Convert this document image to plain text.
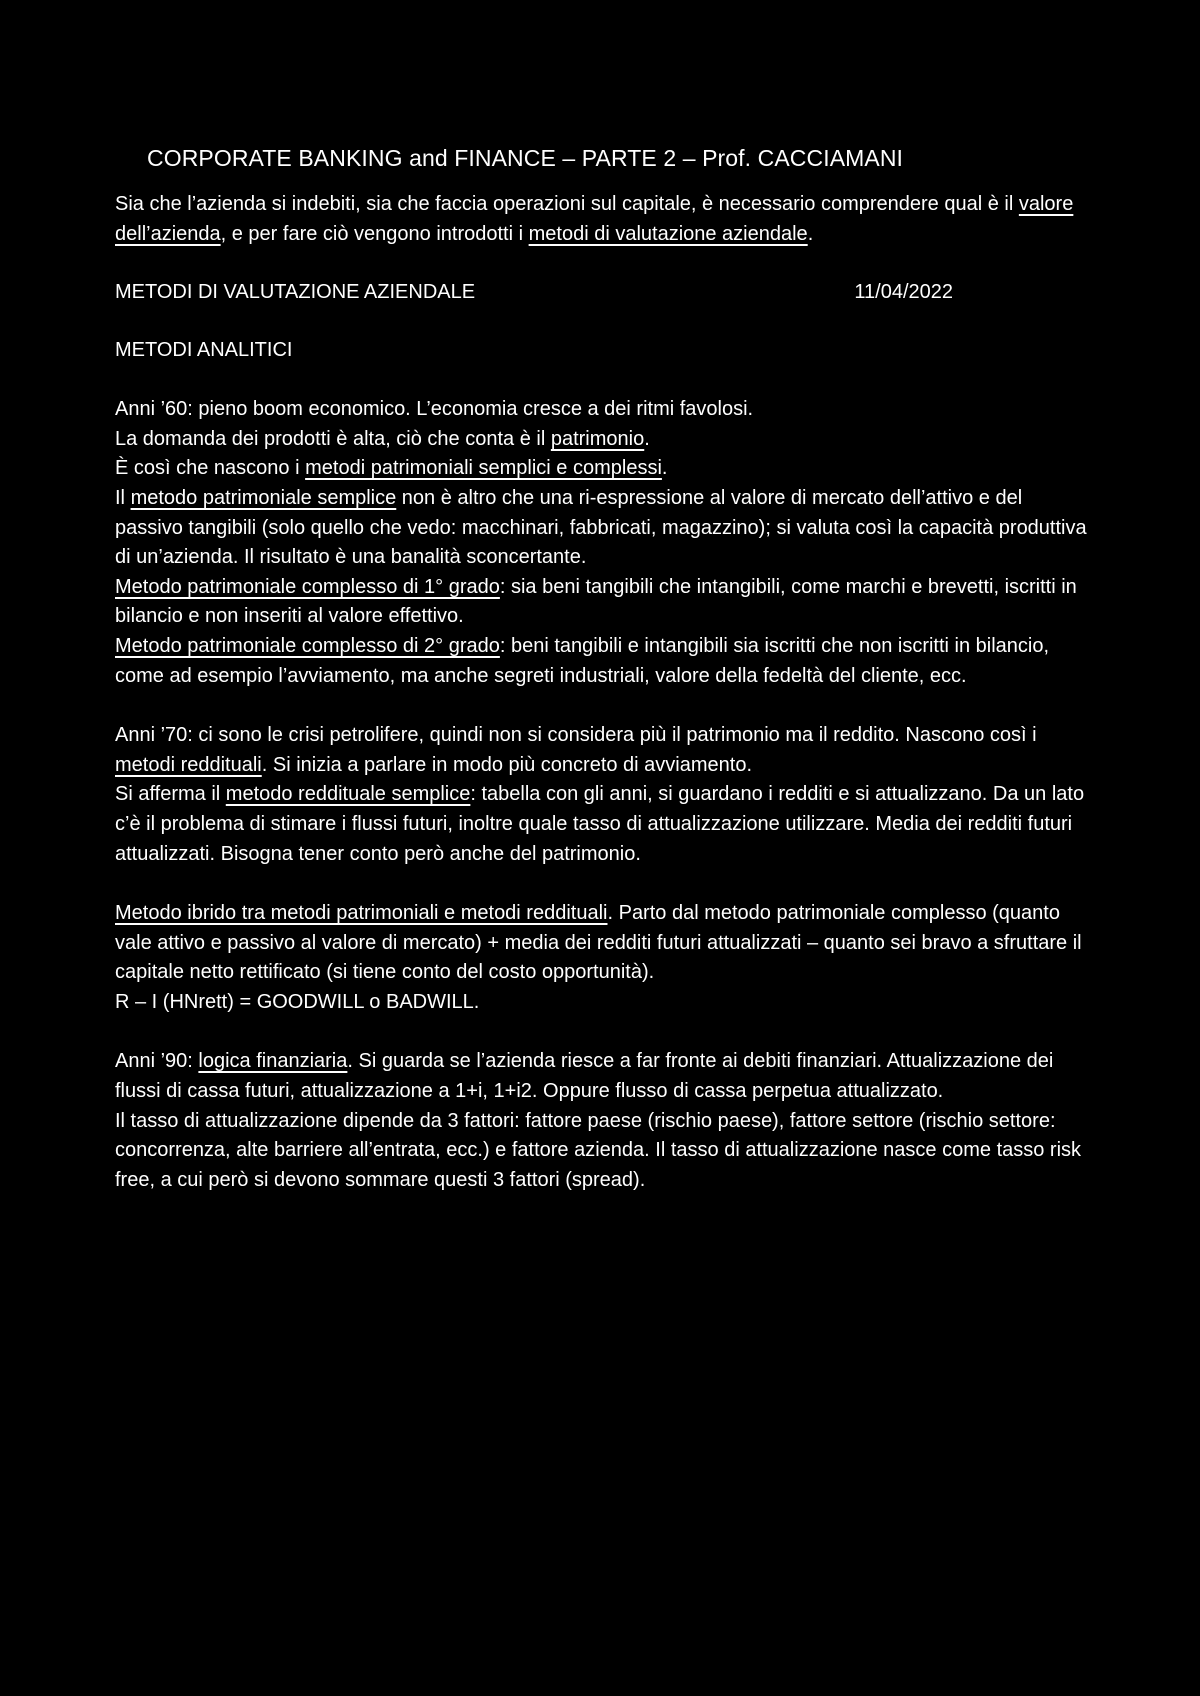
CORPORATE BANKING and FINANCE – PARTE 2 – Prof. CACCIAMANI

Sia che l’azienda si indebiti, sia che faccia operazioni sul capitale, è necessario comprendere qual è il valore dell’azienda, e per fare ciò vengono introdotti i metodi di valutazione aziendale.

METODI DI VALUTAZIONE AZIENDALE	11/04/2022
METODI ANALITICI

Anni ’60: pieno boom economico. L’economia cresce a dei ritmi favolosi.

La domanda dei prodotti è alta, ciò che conta è il patrimonio.

È così che nascono i metodi patrimoniali semplici e complessi.

Il metodo patrimoniale semplice non è altro che una ri-espressione al valore di mercato dell’attivo e del passivo tangibili (solo quello che vedo: macchinari, fabbricati, magazzino); si valuta così la capacità produttiva di un’azienda. Il risultato è una banalità sconcertante.

Metodo patrimoniale complesso di 1° grado: sia beni tangibili che intangibili, come marchi e brevetti, iscritti in bilancio e non inseriti al valore effettivo.

Metodo patrimoniale complesso di 2° grado: beni tangibili e intangibili sia iscritti che non iscritti in bilancio, come ad esempio l’avviamento, ma anche segreti industriali, valore della fedeltà del cliente, ecc.

Anni ’70: ci sono le crisi petrolifere, quindi non si considera più il patrimonio ma il reddito. Nascono così i metodi reddituali. Si inizia a parlare in modo più concreto di avviamento.

Si afferma il metodo reddituale semplice: tabella con gli anni, si guardano i redditi e si attualizzano. Da un lato c’è il problema di stimare i flussi futuri, inoltre quale tasso di attualizzazione utilizzare. Media dei redditi futuri attualizzati. Bisogna tener conto però anche del patrimonio.

Metodo ibrido tra metodi patrimoniali e metodi reddituali. Parto dal metodo patrimoniale complesso (quanto vale attivo e passivo al valore di mercato) + media dei redditi futuri attualizzati – quanto sei bravo a sfruttare il capitale netto rettificato (si tiene conto del costo opportunità).

R – I (HNrett) = GOODWILL o BADWILL.

Anni ’90: logica finanziaria. Si guarda se l’azienda riesce a far fronte ai debiti finanziari. Attualizzazione dei flussi di cassa futuri, attualizzazione a 1+i, 1+i2. Oppure flusso di cassa perpetua attualizzato.

Il tasso di attualizzazione dipende da 3 fattori: fattore paese (rischio paese), fattore settore (rischio settore: concorrenza, alte barriere all’entrata, ecc.) e fattore azienda. Il tasso di attualizzazione nasce come tasso risk free, a cui però si devono sommare questi 3 fattori (spread).
